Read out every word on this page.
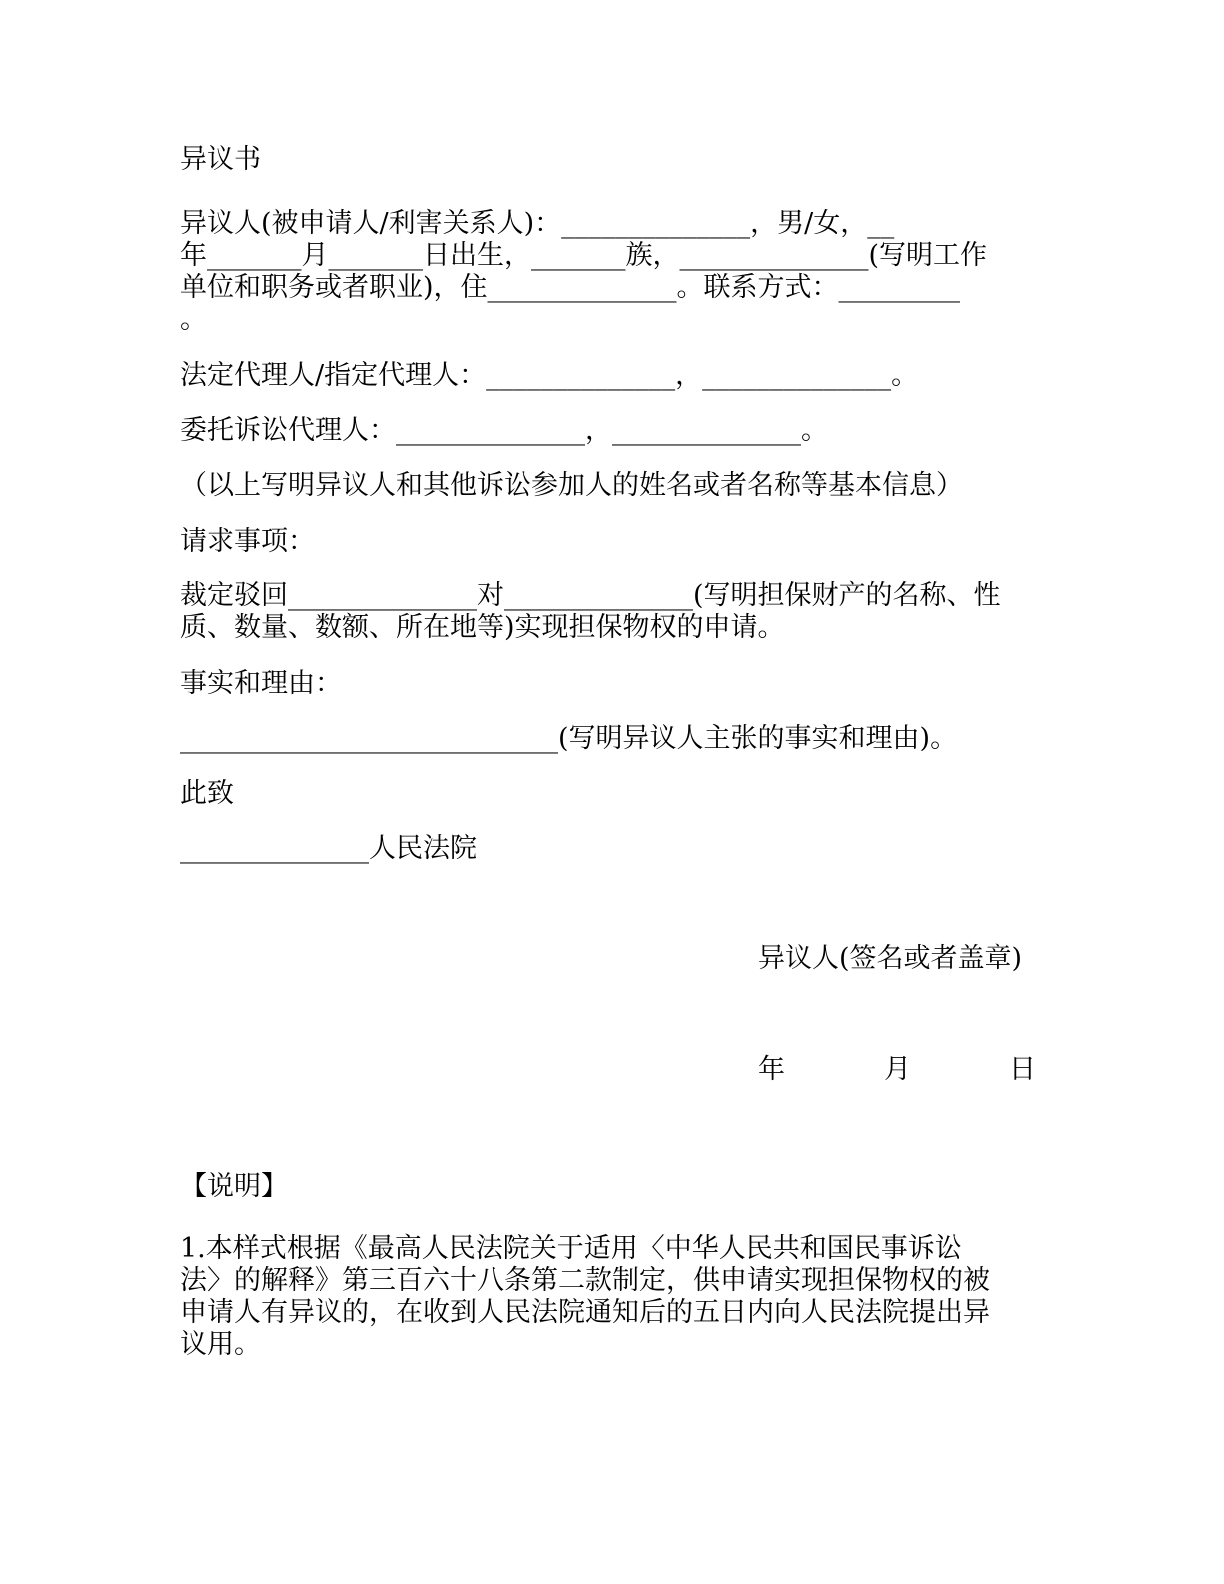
异议书

异议人(被申请人/利害关系人)：______________，男/女，__

年_______月_______日出生，_______族，______________(写明工作

单位和职务或者职业)，住______________。联系方式：_________

。

法定代理人/指定代理人：______________，______________。

委托诉讼代理人：______________，______________。

（以上写明异议人和其他诉讼参加人的姓名或者名称等基本信息）

请求事项：

裁定驳回______________对______________(写明担保财产的名称、性

质、数量、数额、所在地等)实现担保物权的申请。

事实和理由：

____________________________(写明异议人主张的事实和理由)。

此致

______________人民法院

异议人(签名或者盖章)

年	月	日

【说明】

1.本样式根据《最高人民法院关于适用〈中华人民共和国民事诉讼

法〉的解释》第三百六十八条第二款制定，供申请实现担保物权的被

申请人有异议的，在收到人民法院通知后的五日内向人民法院提出异

议用。
